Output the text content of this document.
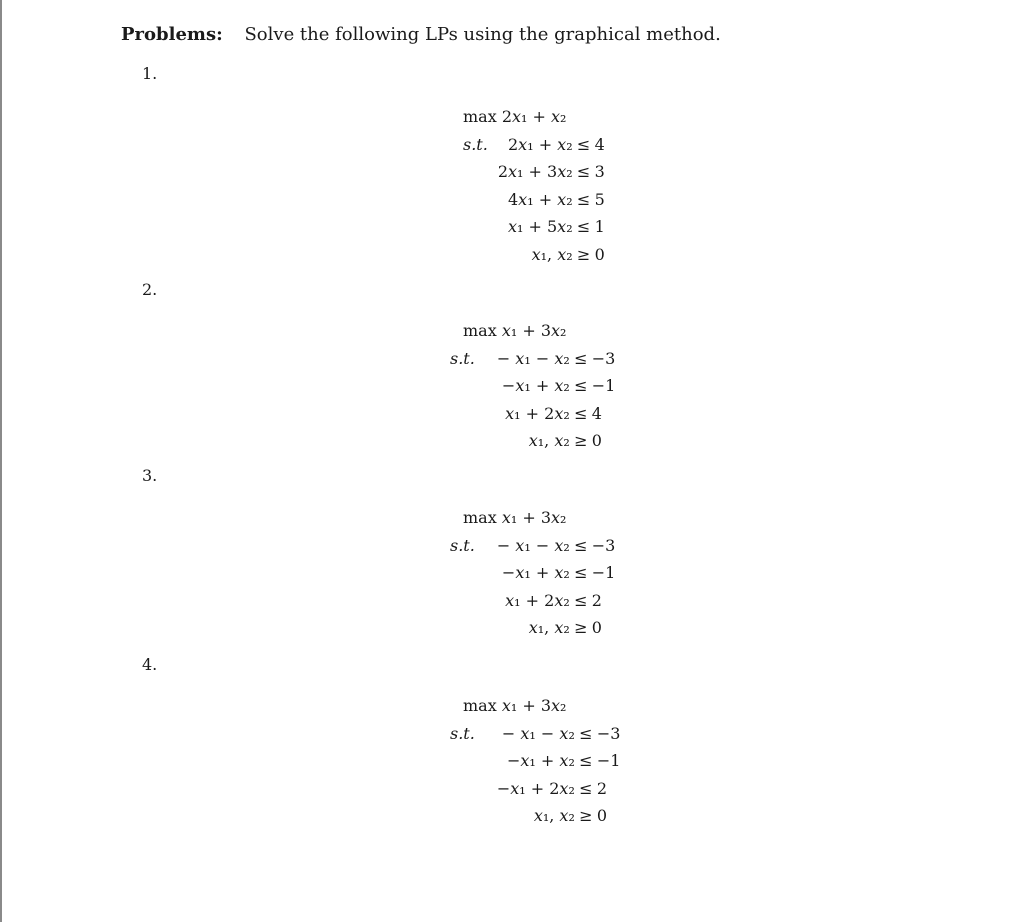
Problems: Solve the following LPs using the graphical method.
1.
max 2𝑥₁ + 𝑥₂			
s.t.	2𝑥₁ + 𝑥₂	≤	4
	2𝑥₁ + 3𝑥₂	≤	3
	4𝑥₁ + 𝑥₂	≤	5
	𝑥₁ + 5𝑥₂	≤	1
	𝑥₁, 𝑥₂	≥	0
2.
max 𝑥₁ + 3𝑥₂			
s.t.	− 𝑥₁ − 𝑥₂	≤	−3
	−𝑥₁ + 𝑥₂	≤	−1
	𝑥₁ + 2𝑥₂	≤	4
	𝑥₁, 𝑥₂	≥	0
3.
max 𝑥₁ + 3𝑥₂			
s.t.	− 𝑥₁ − 𝑥₂	≤	−3
	−𝑥₁ + 𝑥₂	≤	−1
	𝑥₁ + 2𝑥₂	≤	2
	𝑥₁, 𝑥₂	≥	0
4.
max 𝑥₁ + 3𝑥₂			
s.t.	− 𝑥₁ − 𝑥₂	≤	−3
	−𝑥₁ + 𝑥₂	≤	−1
	−𝑥₁ + 2𝑥₂	≤	2
	𝑥₁, 𝑥₂	≥	0
